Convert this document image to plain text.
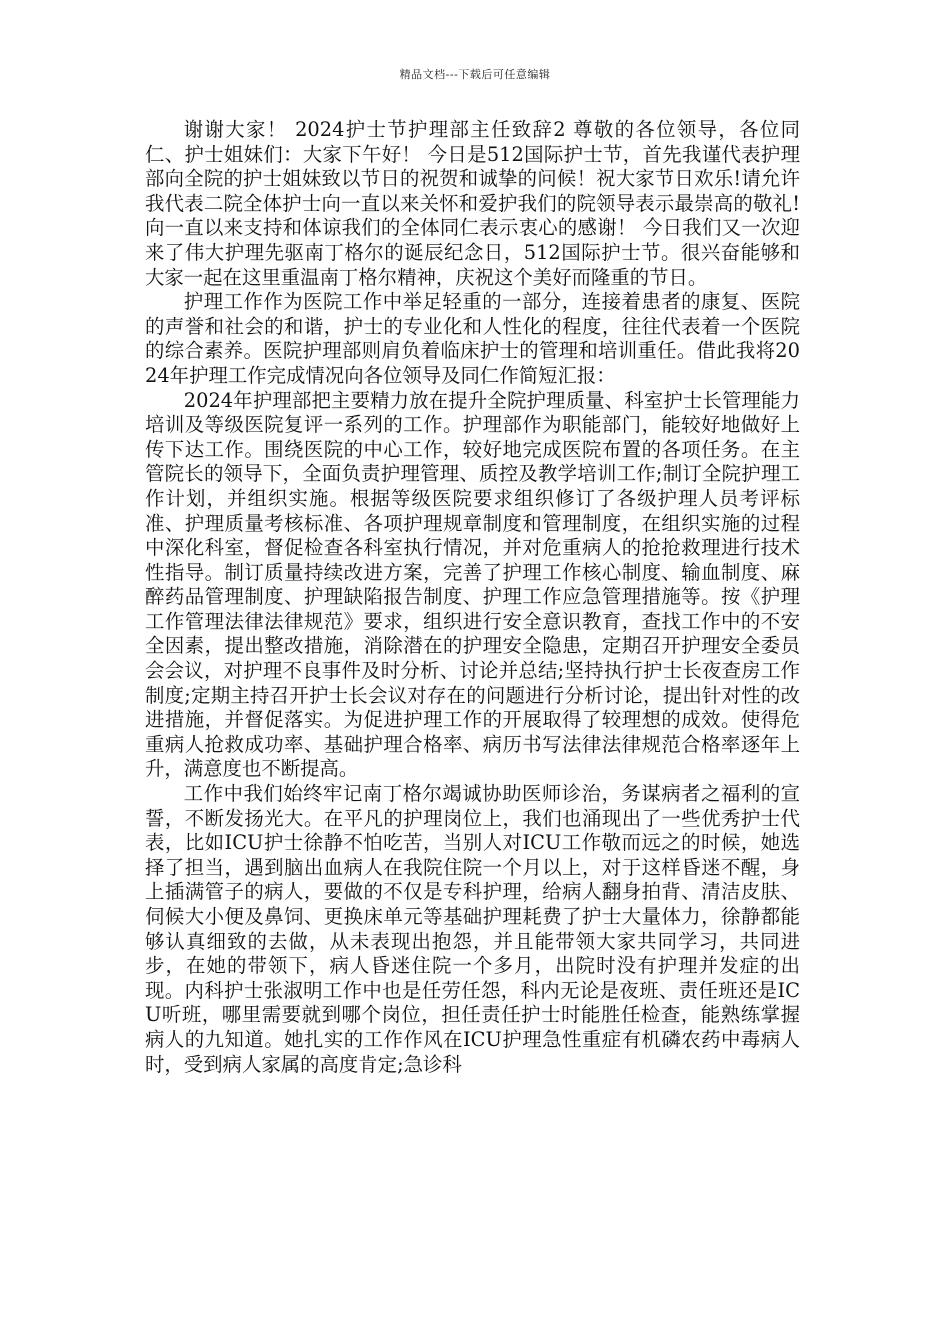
精品文档---下载后可任意编辑

谢谢大家！ 2024护士节护理部主任致辞2 尊敬的各位领导，各位同仁、护士姐妹们：大家下午好！ 今日是512国际护士节，首先我谨代表护理部向全院的护士姐妹致以节日的祝贺和诚挚的问候！祝大家节日欢乐!请允许我代表二院全体护士向一直以来关怀和爱护我们的院领导表示最崇高的敬礼!向一直以来支持和体谅我们的全体同仁表示衷心的感谢！ 今日我们又一次迎来了伟大护理先驱南丁格尔的诞辰纪念日，512国际护士节。很兴奋能够和大家一起在这里重温南丁格尔精神，庆祝这个美好而隆重的节日。

护理工作作为医院工作中举足轻重的一部分，连接着患者的康复、医院的声誉和社会的和谐，护士的专业化和人性化的程度，往往代表着一个医院的综合素养。医院护理部则肩负着临床护士的管理和培训重任。借此我将2024年护理工作完成情况向各位领导及同仁作简短汇报：

2024年护理部把主要精力放在提升全院护理质量、科室护士长管理能力培训及等级医院复评一系列的工作。护理部作为职能部门，能较好地做好上传下达工作。围绕医院的中心工作，较好地完成医院布置的各项任务。在主管院长的领导下，全面负责护理管理、质控及教学培训工作;制订全院护理工作计划，并组织实施。根据等级医院要求组织修订了各级护理人员考评标准、护理质量考核标准、各项护理规章制度和管理制度，在组织实施的过程中深化科室，督促检查各科室执行情况，并对危重病人的抢抢救理进行技术性指导。制订质量持续改进方案，完善了护理工作核心制度、输血制度、麻醉药品管理制度、护理缺陷报告制度、护理工作应急管理措施等。按《护理工作管理法律法律规范》要求，组织进行安全意识教育，查找工作中的不安全因素，提出整改措施，消除潜在的护理安全隐患，定期召开护理安全委员会会议，对护理不良事件及时分析、讨论并总结;坚持执行护士长夜查房工作制度;定期主持召开护士长会议对存在的问题进行分析讨论，提出针对性的改进措施，并督促落实。为促进护理工作的开展取得了较理想的成效。使得危重病人抢救成功率、基础护理合格率、病历书写法律法律规范合格率逐年上升，满意度也不断提高。

工作中我们始终牢记南丁格尔竭诚协助医师诊治，务谋病者之福利的宣誓，不断发扬光大。在平凡的护理岗位上，我们也涌现出了一些优秀护士代表，比如ICU护士徐静不怕吃苦，当别人对ICU工作敬而远之的时候，她选择了担当，遇到脑出血病人在我院住院一个月以上，对于这样昏迷不醒，身上插满管子的病人，要做的不仅是专科护理，给病人翻身拍背、清洁皮肤、伺候大小便及鼻饲、更换床单元等基础护理耗费了护士大量体力，徐静都能够认真细致的去做，从未表现出抱怨，并且能带领大家共同学习，共同进步，在她的带领下，病人昏迷住院一个多月，出院时没有护理并发症的出现。内科护士张淑明工作中也是任劳任怨，科内无论是夜班、责任班还是ICU听班，哪里需要就到哪个岗位，担任责任护士时能胜任检查，能熟练掌握病人的九知道。她扎实的工作作风在ICU护理急性重症有机磷农药中毒病人时，受到病人家属的高度肯定;急诊科
